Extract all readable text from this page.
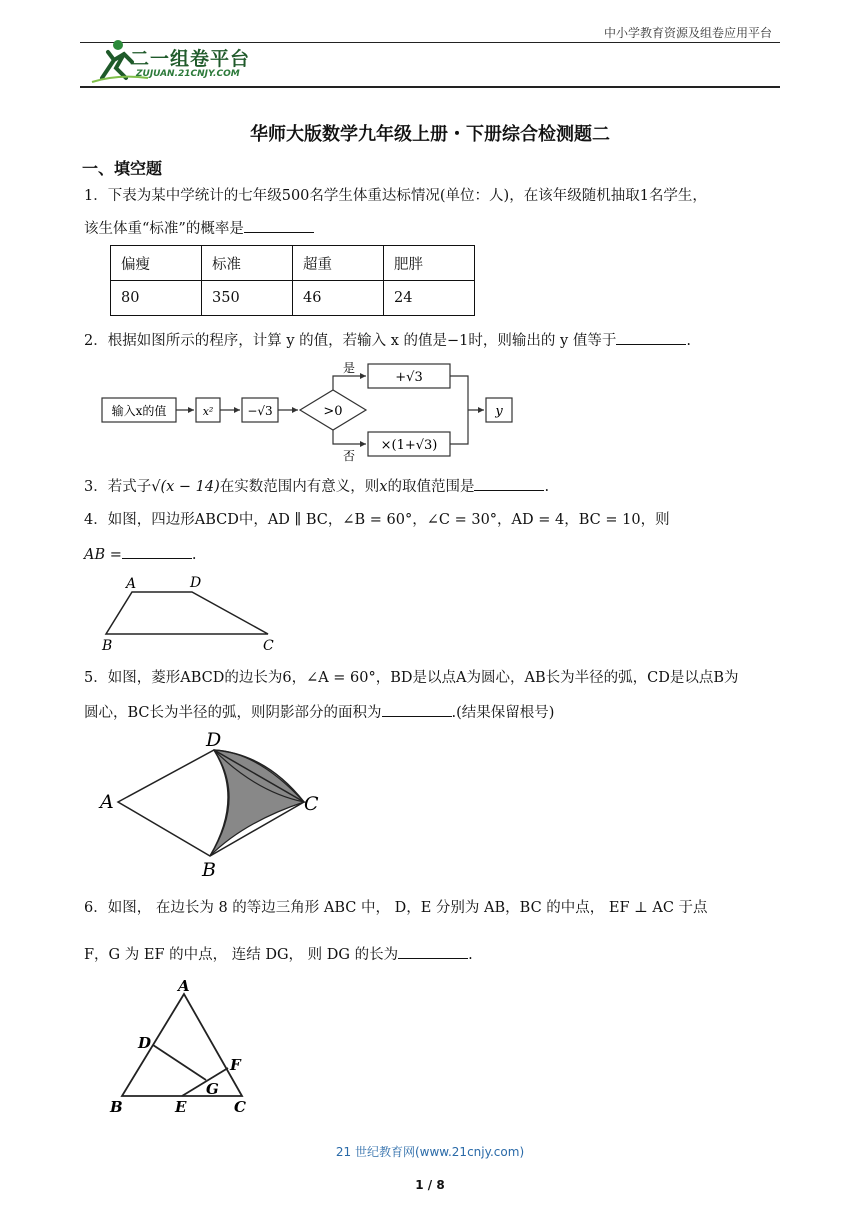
中小学教育资源及组卷应用平台
二一组卷平台
ZUJUAN.21CNJY.COM
华师大版数学九年级上册・下册综合检测题二
一、填空题
1．下表为某中学统计的七年级500名学生体重达标情况(单位：人)，在该年级随机抽取1名学生，
该生体重“标准”的概率是
偏瘦	标准	超重	肥胖
80	350	46	24
2．根据如图所示的程序，计算 y 的值，若输入 x 的值是−1时，则输出的 y 值等于	.
输入x的值	x²	−√3	>0
是
否
+√3
×(1+√3)
y
3．若式子√(x − 14)在实数范围内有意义，则x的取值范围是	.
4．如图，四边形ABCD中，AD ∥ BC，∠B = 60°，∠C = 30°，AD = 4，BC = 10，则
AB =	.
A	D
B	C
5．如图，菱形ABCD的边长为6，∠A = 60°，BD是以点A为圆心，AB长为半径的弧，CD是以点B为
圆心，BC长为半径的弧，则阴影部分的面积为	.(结果保留根号)
D
A	C
B
6．如图， 在边长为 8 的等边三角形 ABC 中， D，E 分别为 AB，BC 的中点， EF ⊥ AC 于点
F，G 为 EF 的中点， 连结 DG， 则 DG 的长为	.
A
D
F
G
B	E	C
21 世纪教育网(www.21cnjy.com)
1 / 8
